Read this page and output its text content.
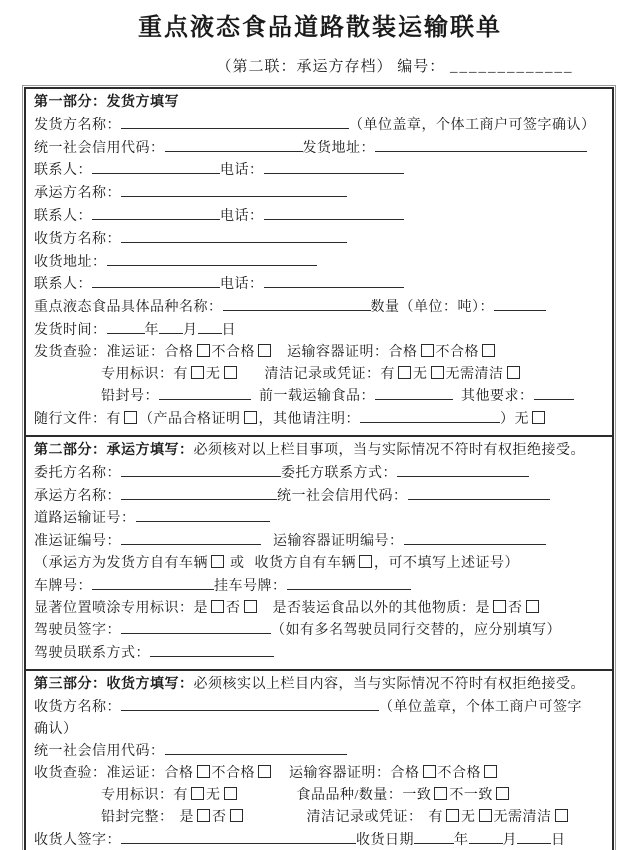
重点液态食品道路散装运输联单
（第二联：承运方存档） 编号： _____________
第一部分：发货方填写
发货方名称：	（单位盖章，个体工商户可签字确认）
统一社会信用代码：	发货地址：
联系人：	电话：
承运方名称：
联系人：	电话：
收货方名称：
收货地址：
联系人：	电话：
重点液态食品具体品种名称：	数量（单位：吨）：
发货时间：	年 月 日
发货查验：准运证：合格 不合格 运输容器证明：合格 不合格
专用标识：有 无	清洁记录或凭证：有 无 无需清洁
铅封号：	前一载运输食品：	其他要求：
随行文件：有 （产品合格证明 ，其他请注明：	）无
第二部分：承运方填写：必须核对以上栏目事项，当与实际情况不符时有权拒绝接受。
委托方名称：	委托方联系方式：
承运方名称：	统一社会信用代码：
道路运输证号：
准运证编号：	运输容器证明编号：
（承运方为发货方自有车辆 或 收货方自有车辆 ，可不填写上述证号）
车牌号：	挂车号牌：
显著位置喷涂专用标识：是 否 是否装运食品以外的其他物质：是 否
驾驶员签字：	（如有多名驾驶员同行交替的，应分别填写）
驾驶员联系方式：
第三部分：收货方填写：必须核实以上栏目内容，当与实际情况不符时有权拒绝接受。
收货方名称：	（单位盖章，个体工商户可签字
确认）
统一社会信用代码：
收货查验：准运证：合格 不合格 运输容器证明：合格 不合格
专用标识：有 无	食品品种/数量：一致 不一致
铅封完整： 是 否	清洁记录或凭证： 有 无 无需清洁
收货人签字：	收货日期	年 月 日
